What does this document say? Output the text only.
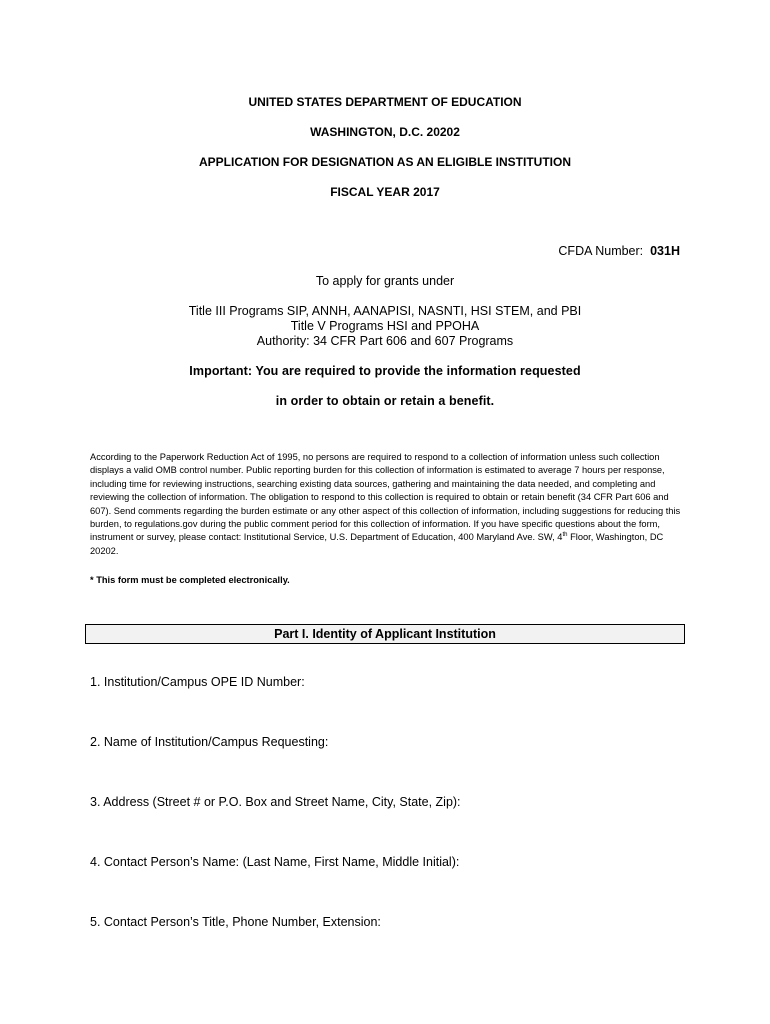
UNITED STATES DEPARTMENT OF EDUCATION
WASHINGTON, D.C. 20202
APPLICATION FOR DESIGNATION AS AN ELIGIBLE INSTITUTION
FISCAL YEAR 2017
CFDA Number: 031H
To apply for grants under
Title III Programs SIP, ANNH, AANAPISI, NASNTI, HSI STEM, and PBI
Title V Programs HSI and PPOHA
Authority: 34 CFR Part 606 and 607 Programs
Important: You are required to provide the information requested
in order to obtain or retain a benefit.
According to the Paperwork Reduction Act of 1995, no persons are required to respond to a collection of information unless such collection displays a valid OMB control number. Public reporting burden for this collection of information is estimated to average 7 hours per response, including time for reviewing instructions, searching existing data sources, gathering and maintaining the data needed, and completing and reviewing the collection of information. The obligation to respond to this collection is required to obtain or retain benefit (34 CFR Part 606 and 607). Send comments regarding the burden estimate or any other aspect of this collection of information, including suggestions for reducing this burden, to regulations.gov during the public comment period for this collection of information. If you have specific questions about the form, instrument or survey, please contact: Institutional Service, U.S. Department of Education, 400 Maryland Ave. SW, 4th Floor, Washington, DC 20202.
* This form must be completed electronically.
Part I. Identity of Applicant Institution
1. Institution/Campus OPE ID Number:
2. Name of Institution/Campus Requesting:
3. Address (Street # or P.O. Box and Street Name, City, State, Zip):
4. Contact Person’s Name: (Last Name, First Name, Middle Initial):
5. Contact Person’s Title, Phone Number, Extension:
